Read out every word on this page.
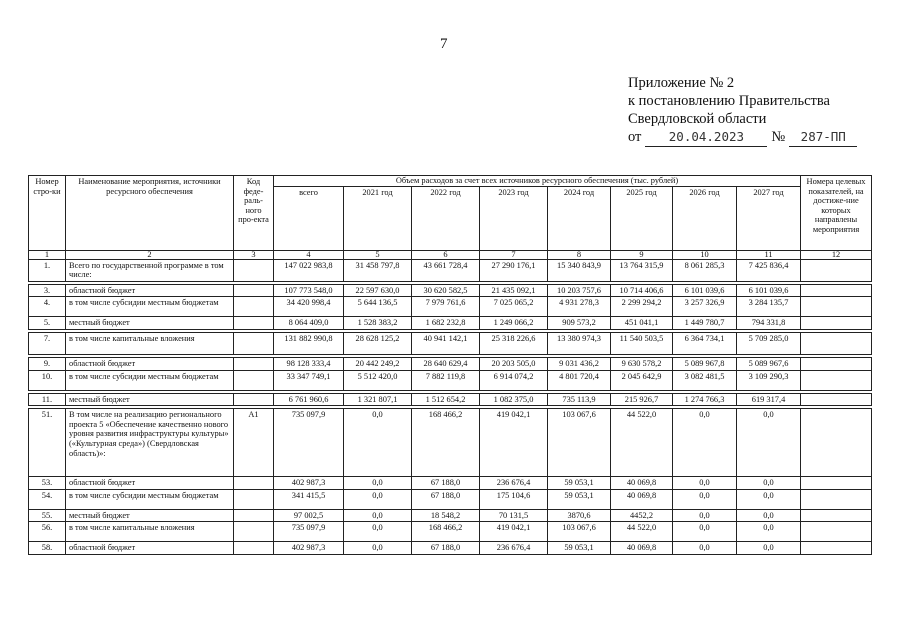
7
Приложение № 2
к постановлению Правительства
Свердловской области
от	20.04.2023	№	287-ПП
Номер стро-ки	Наименование мероприятия, источники ресурсного обеспечения	Код феде-раль-ного про-екта	Объем расходов за счет всех источников ресурсного обеспечения (тыс. рублей)								Номера целевых показателей, на достиже-ние которых направлены мероприятия
			всего	2021 год	2022 год	2023 год	2024 год	2025 год	2026 год	2027 год	
1	2	3	4	5	6	7	8	9	10	11	12
1.	Всего по государственной программе в том числе:		147 022 983,8	31 458 797,8	43 661 728,4	27 290 176,1	15 340 843,9	13 764 315,9	8 061 285,3	7 425 836,4	

3.	областной бюджет		107 773 548,0	22 597 630,0	30 620 582,5	21 435 092,1	10 203 757,6	10 714 406,6	6 101 039,6	6 101 039,6	
4.	в том числе субсидии местным бюджетам		34 420 998,4	5 644 136,5	7 979 761,6	7 025 065,2	4 931 278,3	2 299 294,2	3 257 326,9	3 284 135,7	
5.	местный бюджет		8 064 409,0	1 528 383,2	1 682 232,8	1 249 066,2	909 573,2	451 041,1	1 449 780,7	794 331,8	

7.	в том числе капитальные вложения		131 882 990,8	28 628 125,2	40 941 142,1	25 318 226,6	13 380 974,3	11 540 503,5	6 364 734,1	5 709 285,0	

9.	областной бюджет		98 128 333,4	20 442 249,2	28 640 629,4	20 203 505,0	9 031 436,2	9 630 578,2	5 089 967,8	5 089 967,6	
10.	в том числе субсидии местным бюджетам		33 347 749,1	5 512 420,0	7 882 119,8	6 914 074,2	4 801 720,4	2 045 642,9	3 082 481,5	3 109 290,3	

11.	местный бюджет		6 761 960,6	1 321 807,1	1 512 654,2	1 082 375,0	735 113,9	215 926,7	1 274 766,3	619 317,4	

51.	В том числе на реализацию регионального проекта 5 «Обеспечение качественно нового уровня развития инфраструктуры культуры» («Культурная среда») (Свердловская область)»:	A1	735 097,9	0,0	168 466,2	419 042,1	103 067,6	44 522,0	0,0	0,0	
53.	областной бюджет		402 987,3	0,0	67 188,0	236 676,4	59 053,1	40 069,8	0,0	0,0	
54.	в том числе субсидии местным бюджетам		341 415,5	0,0	67 188,0	175 104,6	59 053,1	40 069,8	0,0	0,0	
55.	местный бюджет		97 002,5	0,0	18 548,2	70 131,5	3870,6	4452,2	0,0	0,0	
56.	в том числе капитальные вложения		735 097,9	0,0	168 466,2	419 042,1	103 067,6	44 522,0	0,0	0,0	
58.	областной бюджет		402 987,3	0,0	67 188,0	236 676,4	59 053,1	40 069,8	0,0	0,0	
